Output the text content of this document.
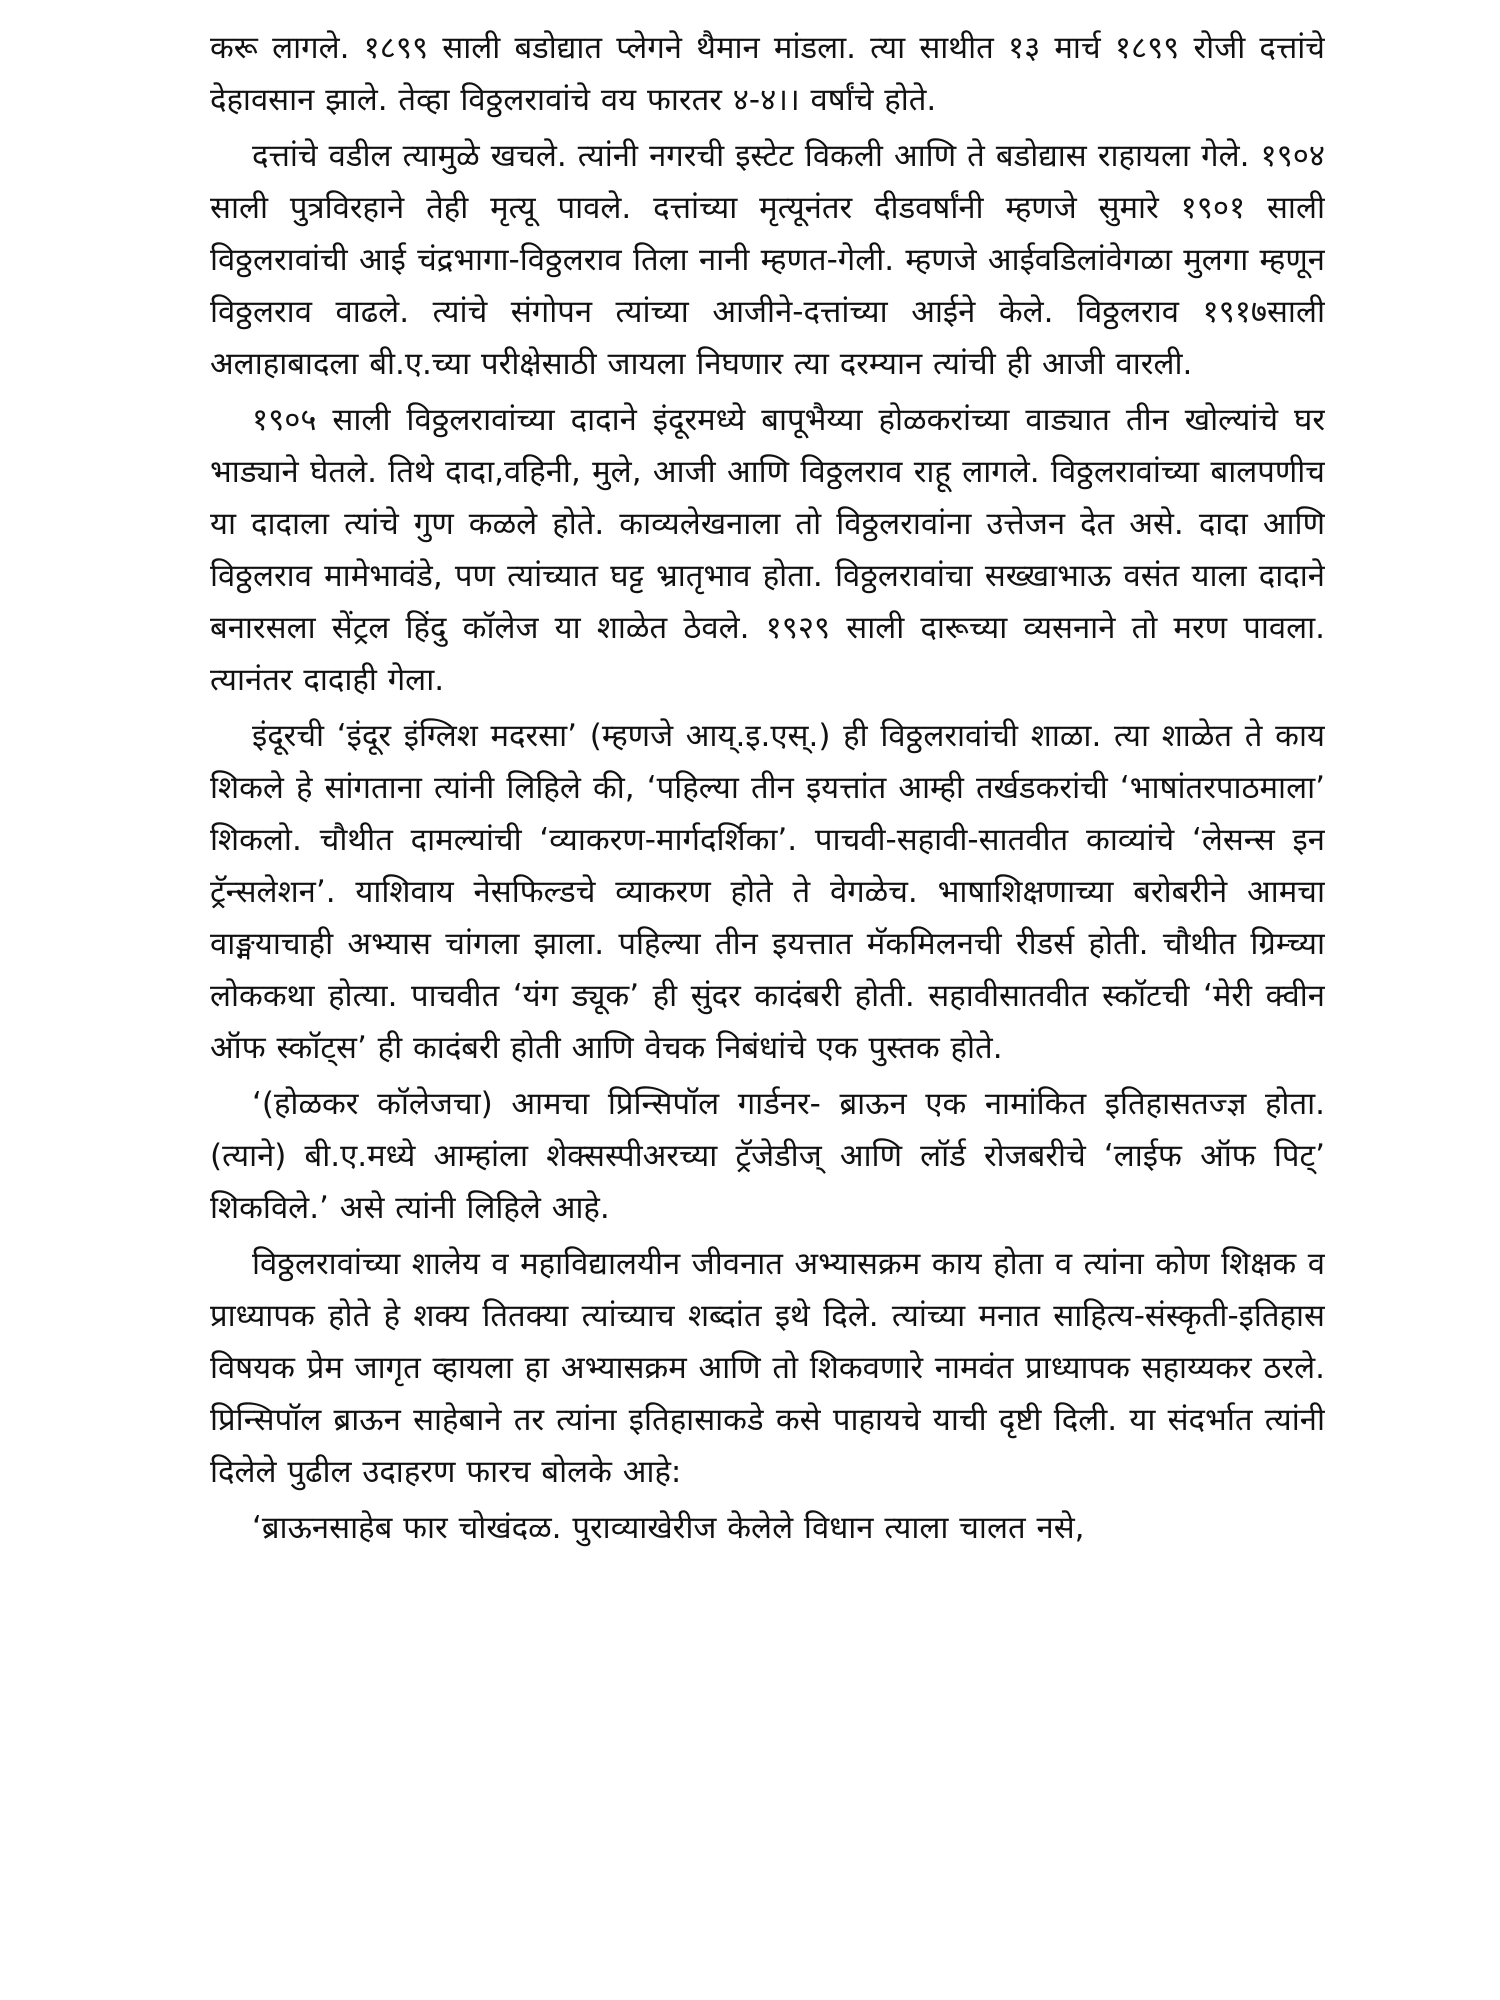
करू लागले. १८९९ साली बडोद्यात प्लेगने थैमान मांडला. त्या साथीत १३ मार्च १८९९ रोजी दत्तांचे देहावसान झाले. तेव्हा विठ्ठलरावांचे वय फारतर ४-४।। वर्षांचे होते.

दत्तांचे वडील त्यामुळे खचले. त्यांनी नगरची इस्टेट विकली आणि ते बडोद्यास राहायला गेले. १९०४ साली पुत्रविरहाने तेही मृत्यू पावले. दत्तांच्या मृत्यूनंतर दीडवर्षांनी म्हणजे सुमारे १९०१ साली विठ्ठलरावांची आई चंद्रभागा-विठ्ठलराव तिला नानी म्हणत-गेली. म्हणजे आईवडिलांवेगळा मुलगा म्हणून विठ्ठलराव वाढले. त्यांचे संगोपन त्यांच्या आजीने-दत्तांच्या आईने केले. विठ्ठलराव १९१७साली अलाहाबादला बी.ए.च्या परीक्षेसाठी जायला निघणार त्या दरम्यान त्यांची ही आजी वारली.

१९०५ साली विठ्ठलरावांच्या दादाने इंदूरमध्ये बापूभैय्या होळकरांच्या वाड्यात तीन खोल्यांचे घर भाड्याने घेतले. तिथे दादा,वहिनी, मुले, आजी आणि विठ्ठलराव राहू लागले. विठ्ठलरावांच्या बालपणीच या दादाला त्यांचे गुण कळले होते. काव्यलेखनाला तो विठ्ठलरावांना उत्तेजन देत असे. दादा आणि विठ्ठलराव मामेभावंडे, पण त्यांच्यात घट्ट भ्रातृभाव होता. विठ्ठलरावांचा सख्खाभाऊ वसंत याला दादाने बनारसला सेंट्रल हिंदु कॉलेज या शाळेत ठेवले. १९२९ साली दारूच्या व्यसनाने तो मरण पावला. त्यानंतर दादाही गेला.

इंदूरची ‘इंदूर इंग्लिश मदरसा’ (म्हणजे आय्.इ.एस्.) ही विठ्ठलरावांची शाळा. त्या शाळेत ते काय शिकले हे सांगताना त्यांनी लिहिले की, ‘पहिल्या तीन इयत्तांत आम्ही तर्खडकरांची ‘भाषांतरपाठमाला’ शिकलो. चौथीत दामल्यांची ‘व्याकरण-मार्गदर्शिका’. पाचवी-सहावी-सातवीत काव्यांचे ‘लेसन्स इन ट्रॅन्सलेशन’. याशिवाय नेसफिल्डचे व्याकरण होते ते वेगळेच. भाषाशिक्षणाच्या बरोबरीने आमचा वाङ्मयाचाही अभ्यास चांगला झाला. पहिल्या तीन इयत्तात मॅकमिलनची रीडर्स होती. चौथीत ग्रिम्च्या लोककथा होत्या. पाचवीत ‘यंग ड्यूक’ ही सुंदर कादंबरी होती. सहावीसातवीत स्कॉटची ‘मेरी क्वीन ऑफ स्कॉट्स’ ही कादंबरी होती आणि वेचक निबंधांचे एक पुस्तक होते.

‘(होळकर कॉलेजचा) आमचा प्रिन्सिपॉल गार्डनर- ब्राऊन एक नामांकित इतिहासतज्ज्ञ होता. (त्याने) बी.ए.मध्ये आम्हांला शेक्सस्पीअरच्या ट्रॅजेडीज् आणि लॉर्ड रोजबरीचे ‘लाईफ ऑफ पिट्’ शिकविले.’ असे त्यांनी लिहिले आहे.

विठ्ठलरावांच्या शालेय व महाविद्यालयीन जीवनात अभ्यासक्रम काय होता व त्यांना कोण शिक्षक व प्राध्यापक होते हे शक्य तितक्या त्यांच्याच शब्दांत इथे दिले. त्यांच्या मनात साहित्य-संस्कृती-इतिहास विषयक प्रेम जागृत व्हायला हा अभ्यासक्रम आणि तो शिकवणारे नामवंत प्राध्यापक सहाय्यकर ठरले. प्रिन्सिपॉल ब्राऊन साहेबाने तर त्यांना इतिहासाकडे कसे पाहायचे याची दृष्टी दिली. या संदर्भात त्यांनी दिलेले पुढील उदाहरण फारच बोलके आहे:

‘ब्राऊनसाहेब फार चोखंदळ. पुराव्याखेरीज केलेले विधान त्याला चालत नसे,
